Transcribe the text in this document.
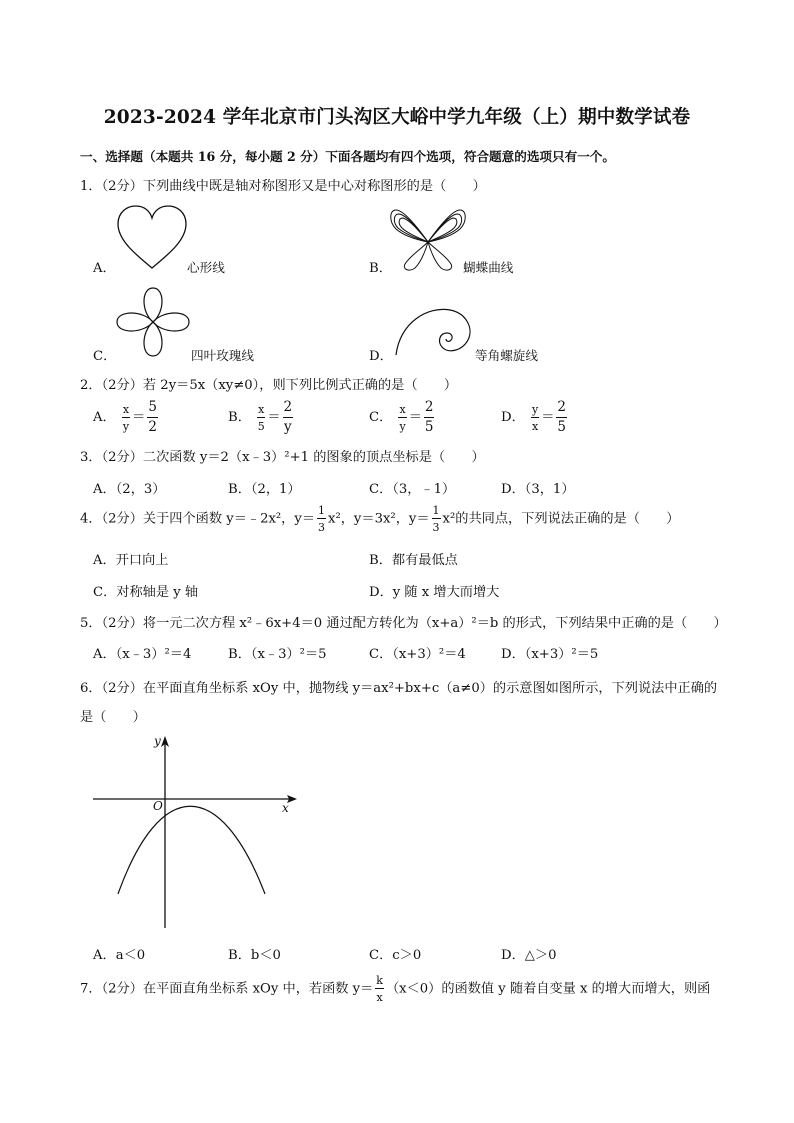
2023-2024 学年北京市门头沟区大峪中学九年级（上）期中数学试卷
一、选择题（本题共 16 分，每小题 2 分）下面各题均有四个选项，符合题意的选项只有一个。
1．（2分）下列曲线中既是轴对称图形又是中心对称图形的是（　　）
A．	心形线	B．	蝴蝶曲线
C．	四叶玫瑰线	D．	等角螺旋线
2．（2分）若 2y＝5x（xy≠0），则下列比例式正确的是（　　）
A． $\frac{x}{y} = \frac{5}{2}$	B． $\frac{x}{5} = \frac{2}{y}$	C． $\frac{x}{y} = \frac{2}{5}$	D． $\frac{y}{x} = \frac{2}{5}$
3．（2分）二次函数 y＝2（x﹣3）²+1 的图象的顶点坐标是（　　）
A．（2，3）	B．（2，1）	C．（3，﹣1）	D．（3，1）
4．（2分）关于四个函数 y＝﹣2x²，$y= \frac{1}{3} x^2$，y＝3x²，$y= \frac{1}{3} x^2$的共同点，下列说法正确的是（　　）
A．开口向上	B．都有最低点
C．对称轴是 y 轴	D．y 随 x 增大而增大
5．（2分）将一元二次方程 x²﹣6x+4＝0 通过配方转化为（x+a）²＝b 的形式，下列结果中正确的是（　　）
A．（x﹣3）²＝4	B．（x﹣3）²＝5	C．（x+3）²＝4	D．（x+3）²＝5
6．（2分）在平面直角坐标系 xOy 中，抛物线 y＝ax²+bx+c（a≠0）的示意图如图所示，下列说法中正确的
是（　　）
y
x
O
A．a＜0	B．b＜0	C．c＞0	D．△＞0
7．（2分）在平面直角坐标系 xOy 中，若函数 $y= \frac{k}{x} (x<0)$的函数值 y 随着自变量 x 的增大而增大，则函
